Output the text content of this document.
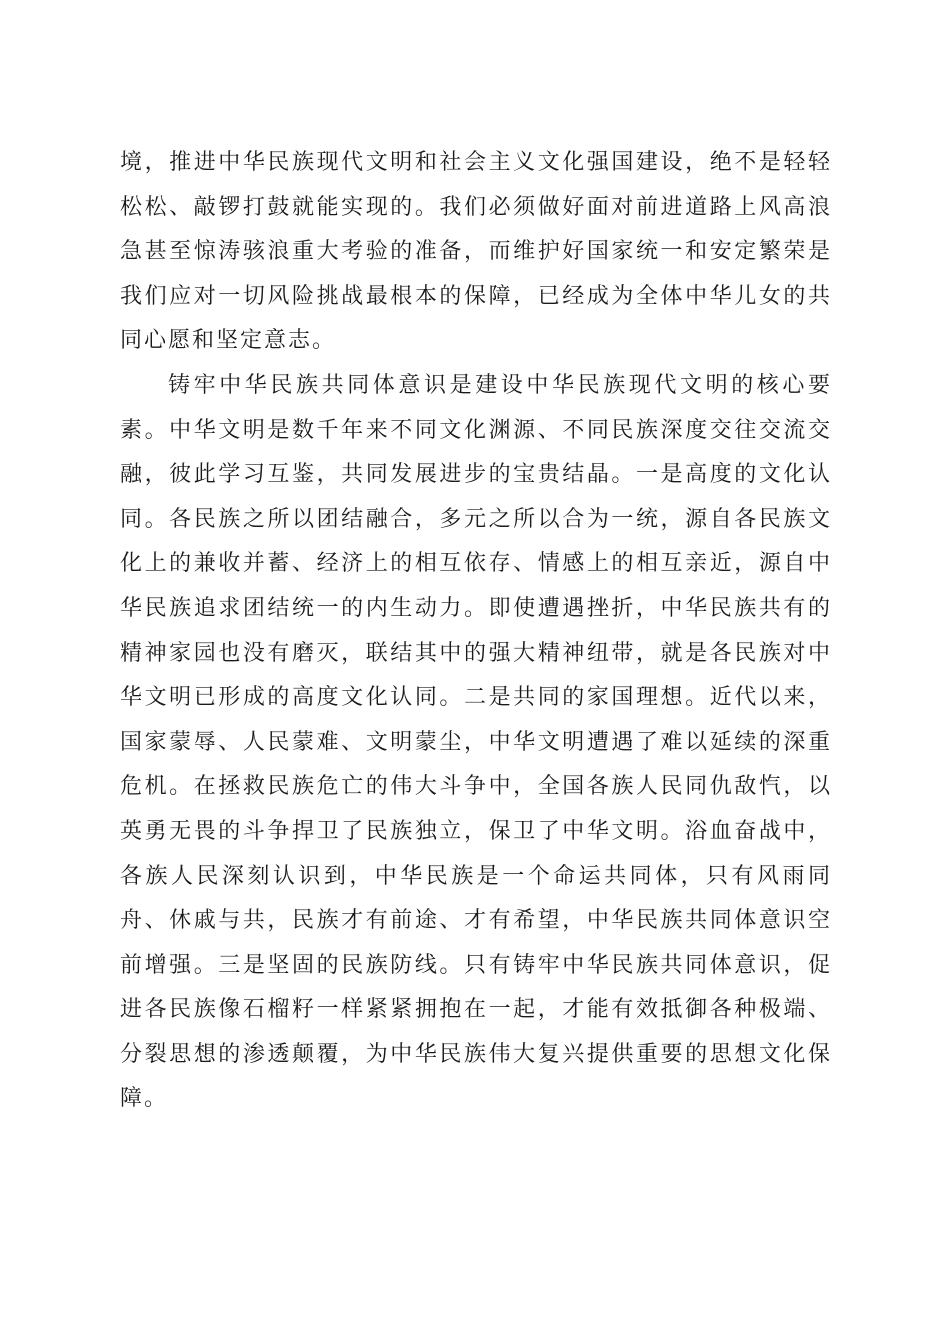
境，推进中华民族现代文明和社会主义文化强国建设，绝不是轻轻松松、敲锣打鼓就能实现的。我们必须做好面对前进道路上风高浪急甚至惊涛骇浪重大考验的准备，而维护好国家统一和安定繁荣是我们应对一切风险挑战最根本的保障，已经成为全体中华儿女的共同心愿和坚定意志。

铸牢中华民族共同体意识是建设中华民族现代文明的核心要素。中华文明是数千年来不同文化渊源、不同民族深度交往交流交融，彼此学习互鉴，共同发展进步的宝贵结晶。一是高度的文化认同。各民族之所以团结融合，多元之所以合为一统，源自各民族文化上的兼收并蓄、经济上的相互依存、情感上的相互亲近，源自中华民族追求团结统一的内生动力。即使遭遇挫折，中华民族共有的精神家园也没有磨灭，联结其中的强大精神纽带，就是各民族对中华文明已形成的高度文化认同。二是共同的家国理想。近代以来，国家蒙辱、人民蒙难、文明蒙尘，中华文明遭遇了难以延续的深重危机。在拯救民族危亡的伟大斗争中，全国各族人民同仇敌忾，以英勇无畏的斗争捍卫了民族独立，保卫了中华文明。浴血奋战中，各族人民深刻认识到，中华民族是一个命运共同体，只有风雨同舟、休戚与共，民族才有前途、才有希望，中华民族共同体意识空前增强。三是坚固的民族防线。只有铸牢中华民族共同体意识，促进各民族像石榴籽一样紧紧拥抱在一起，才能有效抵御各种极端、分裂思想的渗透颠覆，为中华民族伟大复兴提供重要的思想文化保障。
